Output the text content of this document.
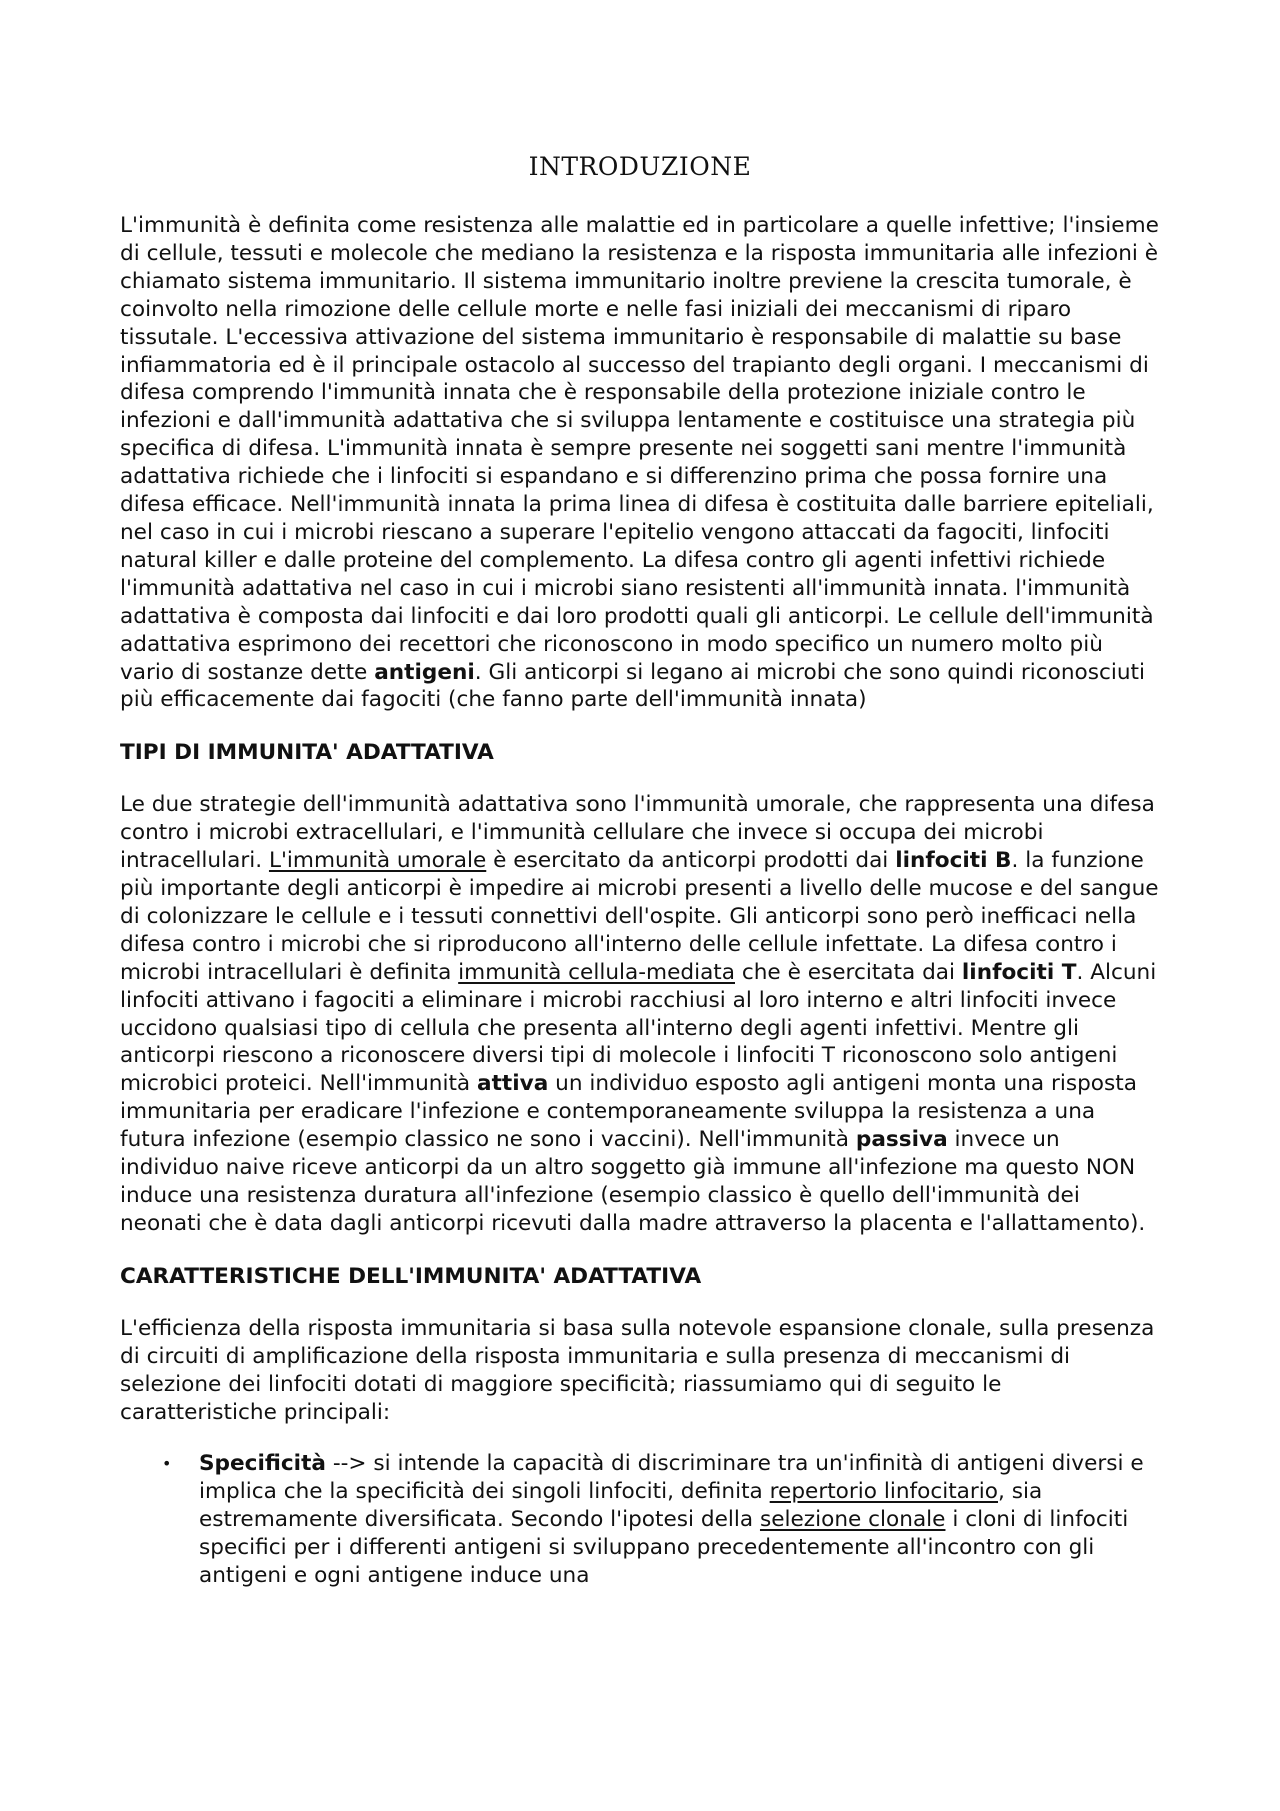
INTRODUZIONE

L'immunità è definita come resistenza alle malattie ed in particolare a quelle infettive; l'insieme di cellule, tessuti e molecole che mediano la resistenza e la risposta immunitaria alle infezioni è chiamato sistema immunitario. Il sistema immunitario inoltre previene la crescita tumorale, è coinvolto nella rimozione delle cellule morte e nelle fasi iniziali dei meccanismi di riparo tissutale. L'eccessiva attivazione del sistema immunitario è responsabile di malattie su base infiammatoria ed è il principale ostacolo al successo del trapianto degli organi. I meccanismi di difesa comprendo l'immunità innata che è responsabile della protezione iniziale contro le infezioni e dall'immunità adattativa che si sviluppa lentamente e costituisce una strategia più specifica di difesa. L'immunità innata è sempre presente nei soggetti sani mentre l'immunità adattativa richiede che i linfociti si espandano e si differenzino prima che possa fornire una difesa efficace. Nell'immunità innata la prima linea di difesa è costituita dalle barriere epiteliali, nel caso in cui i microbi riescano a superare l'epitelio vengono attaccati da fagociti, linfociti natural killer e dalle proteine del complemento. La difesa contro gli agenti infettivi richiede l'immunità adattativa nel caso in cui i microbi siano resistenti all'immunità innata. l'immunità adattativa è composta dai linfociti e dai loro prodotti quali gli anticorpi. Le cellule dell'immunità adattativa esprimono dei recettori che riconoscono in modo specifico un numero molto più vario di sostanze dette antigeni. Gli anticorpi si legano ai microbi che sono quindi riconosciuti più efficacemente dai fagociti (che fanno parte dell'immunità innata)

TIPI DI IMMUNITA' ADATTATIVA

Le due strategie dell'immunità adattativa sono l'immunità umorale, che rappresenta una difesa contro i microbi extracellulari, e l'immunità cellulare che invece si occupa dei microbi intracellulari. L'immunità umorale è esercitato da anticorpi prodotti dai linfociti B. la funzione più importante degli anticorpi è impedire ai microbi presenti a livello delle mucose e del sangue di colonizzare le cellule e i tessuti connettivi dell'ospite. Gli anticorpi sono però inefficaci nella difesa contro i microbi che si riproducono all'interno delle cellule infettate. La difesa contro i microbi intracellulari è definita immunità cellula-mediata che è esercitata dai linfociti T. Alcuni linfociti attivano i fagociti a eliminare i microbi racchiusi al loro interno e altri linfociti invece uccidono qualsiasi tipo di cellula che presenta all'interno degli agenti infettivi. Mentre gli anticorpi riescono a riconoscere diversi tipi di molecole i linfociti T riconoscono solo antigeni microbici proteici. Nell'immunità attiva un individuo esposto agli antigeni monta una risposta immunitaria per eradicare l'infezione e contemporaneamente sviluppa la resistenza a una futura infezione (esempio classico ne sono i vaccini). Nell'immunità passiva invece un individuo naive riceve anticorpi da un altro soggetto già immune all'infezione ma questo NON induce una resistenza duratura all'infezione (esempio classico è quello dell'immunità dei neonati che è data dagli anticorpi ricevuti dalla madre attraverso la placenta e l'allattamento).

CARATTERISTICHE DELL'IMMUNITA' ADATTATIVA

L'efficienza della risposta immunitaria si basa sulla notevole espansione clonale, sulla presenza di circuiti di amplificazione della risposta immunitaria e sulla presenza di meccanismi di selezione dei linfociti dotati di maggiore specificità; riassumiamo qui di seguito le caratteristiche principali:

• Specificità --> si intende la capacità di discriminare tra un'infinità di antigeni diversi e implica che la specificità dei singoli linfociti, definita repertorio linfocitario, sia estremamente diversificata. Secondo l'ipotesi della selezione clonale i cloni di linfociti specifici per i differenti antigeni si sviluppano precedentemente all'incontro con gli antigeni e ogni antigene induce una
